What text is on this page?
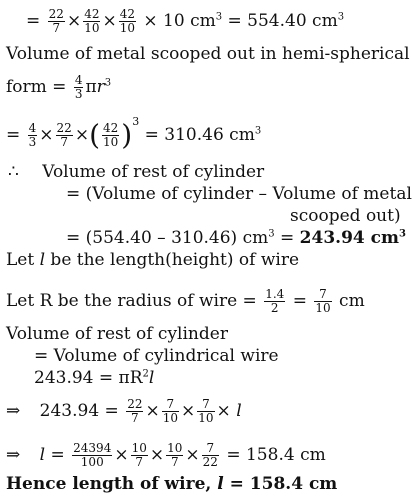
= $\frac{22}{7} \times \frac{42}{10} \times \frac{42}{10} \times 10$ $cm^3 = 554.40$ $cm^3$
Volume of metal scooped out in hemi-spherical
form = $\frac{4}{3} \pi r^3$
= $\frac{4}{3} \times \frac{22}{7}$ ×( $\frac{42}{10} )^3 = 310.46$ $cm^3$
∴ Volume of rest of cylinder
= (Volume of cylinder – Volume of metal
scooped out)
= (554.40 – 310.46) $cm^3 = 243.94$ $cm^3$
Let l be the length(height) of wire
Let R be the radius of wire = $\frac{1.4}{2} = \frac{7}{10}$ cm
Volume of rest of cylinder
= Volume of cylindrical wire
$243.94 = \pi R^2l$
⇒ $243.94 = \frac{22}{7} \times \frac{7}{10} \times \frac{7}{10} \times l$
⇒ $l = \frac{24394}{100} \times \frac{10}{7} \times \frac{10}{7} \times \frac{7}{22} = 158.4$ cm
Hence length of wire, l = 158.4 cm
